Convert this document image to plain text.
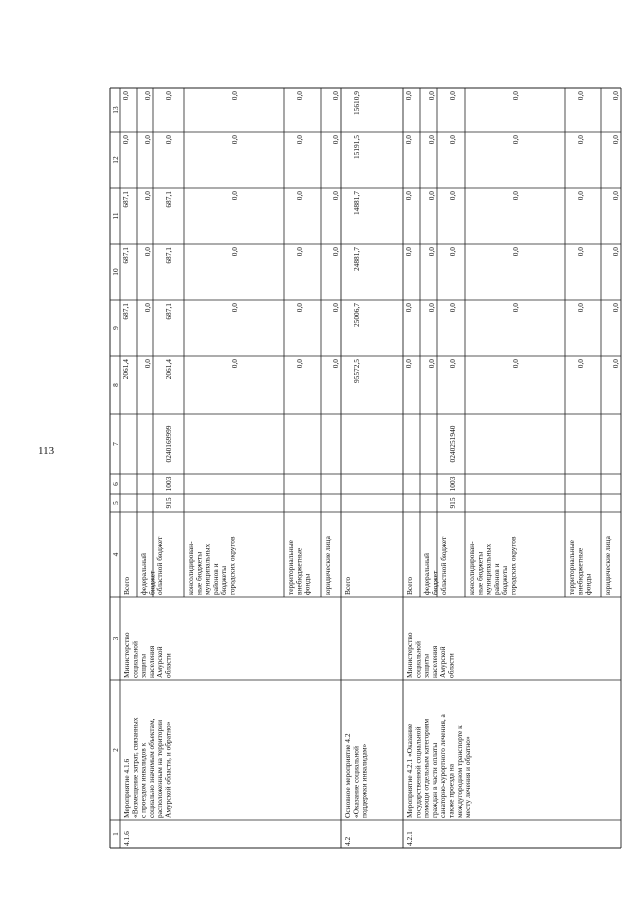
113
1
2
3
4
5
6
7
8
9
10
11
12
13
4.1.6
Мероприятие 4.1.6 «Возмещение затрат, связанных с проездом инвалидов к социально значимым объектам, расположенным на территории Амурской области, и обратно»
Министерство социальной защиты населения Амурской области
Всего
2061,4
687,1
687,1
687,1
0,0
0,0
федеральный бюджет
0,0
0,0
0,0
0,0
0,0
0,0
областной бюджет
915
1003
0240169999
2061,4
687,1
687,1
687,1
0,0
0,0
консолидирован- ные бюджеты муниципальных районов и бюджеты городских округов
0,0
0,0
0,0
0,0
0,0
0,0
территориальные внебюджетные фонды
0,0
0,0
0,0
0,0
0,0
0,0
юридические лица
0,0
0,0
0,0
0,0
0,0
0,0
4.2
Основное мероприятие 4.2 «Оказание социальной поддержки инвалидам»
Всего
95572,5
25006,7
24881,7
14881,7
15191,5
15610,9
4.2.1
Мероприятие 4.2.1 «Оказание государственной социальной помощи отдельным категориям граждан в части оплаты санаторно-курортного лечения, а также проезда на междугородном транспорте к месту лечения и обратно»
Министерство социальной защиты населения Амурской области
Всего
0,0
0,0
0,0
0,0
0,0
0,0
федеральный бюджет
0,0
0,0
0,0
0,0
0,0
0,0
областной бюджет
915
1003
0240251940
0,0
0,0
0,0
0,0
0,0
0,0
консолидирован- ные бюджеты муниципальных районов и бюджеты городских округов
0,0
0,0
0,0
0,0
0,0
0,0
территориальные внебюджетные фонды
0,0
0,0
0,0
0,0
0,0
0,0
юридические лица
0,0
0,0
0,0
0,0
0,0
0,0
